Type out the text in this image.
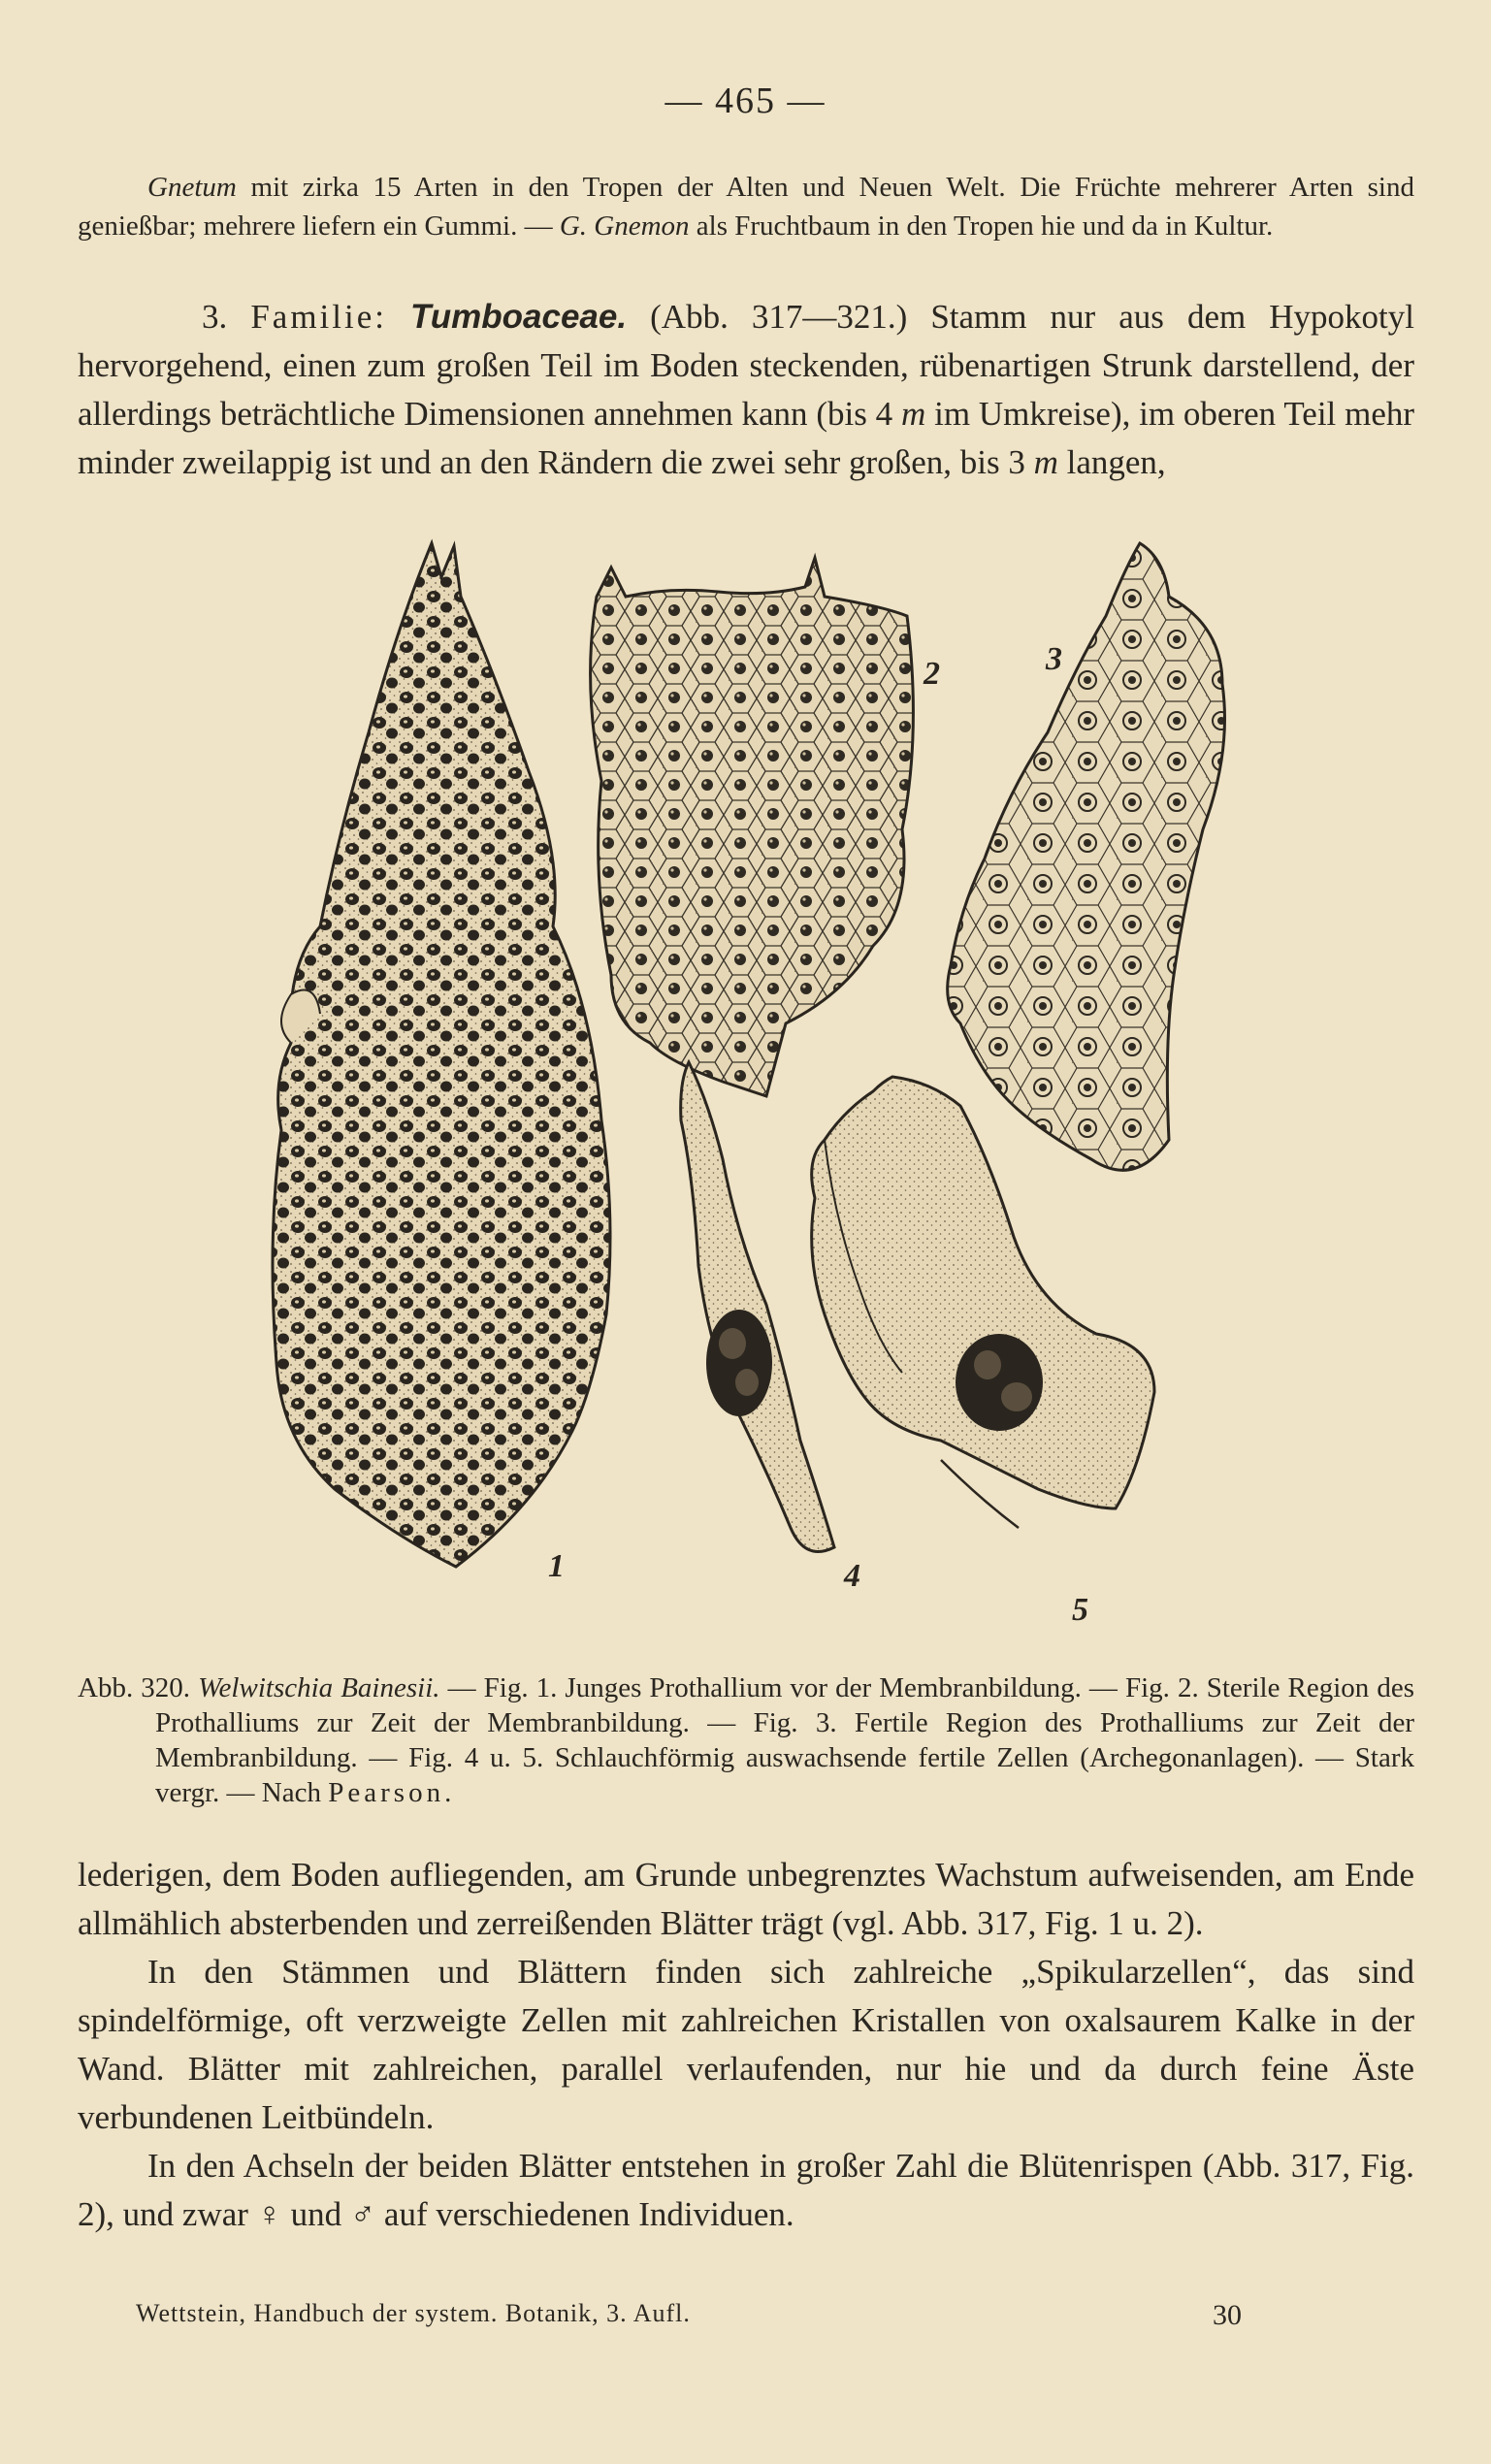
— 465 —
Gnetum mit zirka 15 Arten in den Tropen der Alten und Neuen Welt. Die Früchte mehrerer Arten sind genießbar; mehrere liefern ein Gummi. — G. Gnemon als Fruchtbaum in den Tropen hie und da in Kultur.
3. Familie: Tumboaceae. (Abb. 317—321.) Stamm nur aus dem Hypokotyl hervorgehend, einen zum großen Teil im Boden steckenden, rübenartigen Strunk darstellend, der allerdings beträchtliche Dimensionen annehmen kann (bis 4 m im Umkreise), im oberen Teil mehr minder zweilappig ist und an den Rändern die zwei sehr großen, bis 3 m langen,
1
2	3
4
5
Abb. 320. Welwitschia Bainesii. — Fig. 1. Junges Prothallium vor der Membranbildung. — Fig. 2. Sterile Region des Prothalliums zur Zeit der Membranbildung. — Fig. 3. Fertile Region des Prothalliums zur Zeit der Membranbildung. — Fig. 4 u. 5. Schlauchförmig auswachsende fertile Zellen (Archegonanlagen). — Stark vergr. — Nach Pearson.

lederigen, dem Boden aufliegenden, am Grunde unbegrenztes Wachstum aufweisenden, am Ende allmählich absterbenden und zerreißenden Blätter trägt (vgl. Abb. 317, Fig. 1 u. 2).

In den Stämmen und Blättern finden sich zahlreiche „Spikularzellen“, das sind spindelförmige, oft verzweigte Zellen mit zahlreichen Kristallen von oxalsaurem Kalke in der Wand. Blätter mit zahlreichen, parallel verlaufenden, nur hie und da durch feine Äste verbundenen Leitbündeln.

In den Achseln der beiden Blätter entstehen in großer Zahl die Blütenrispen (Abb. 317, Fig. 2), und zwar ♀ und ♂ auf verschiedenen Individuen.

Wettstein, Handbuch der system. Botanik, 3. Aufl.	30
